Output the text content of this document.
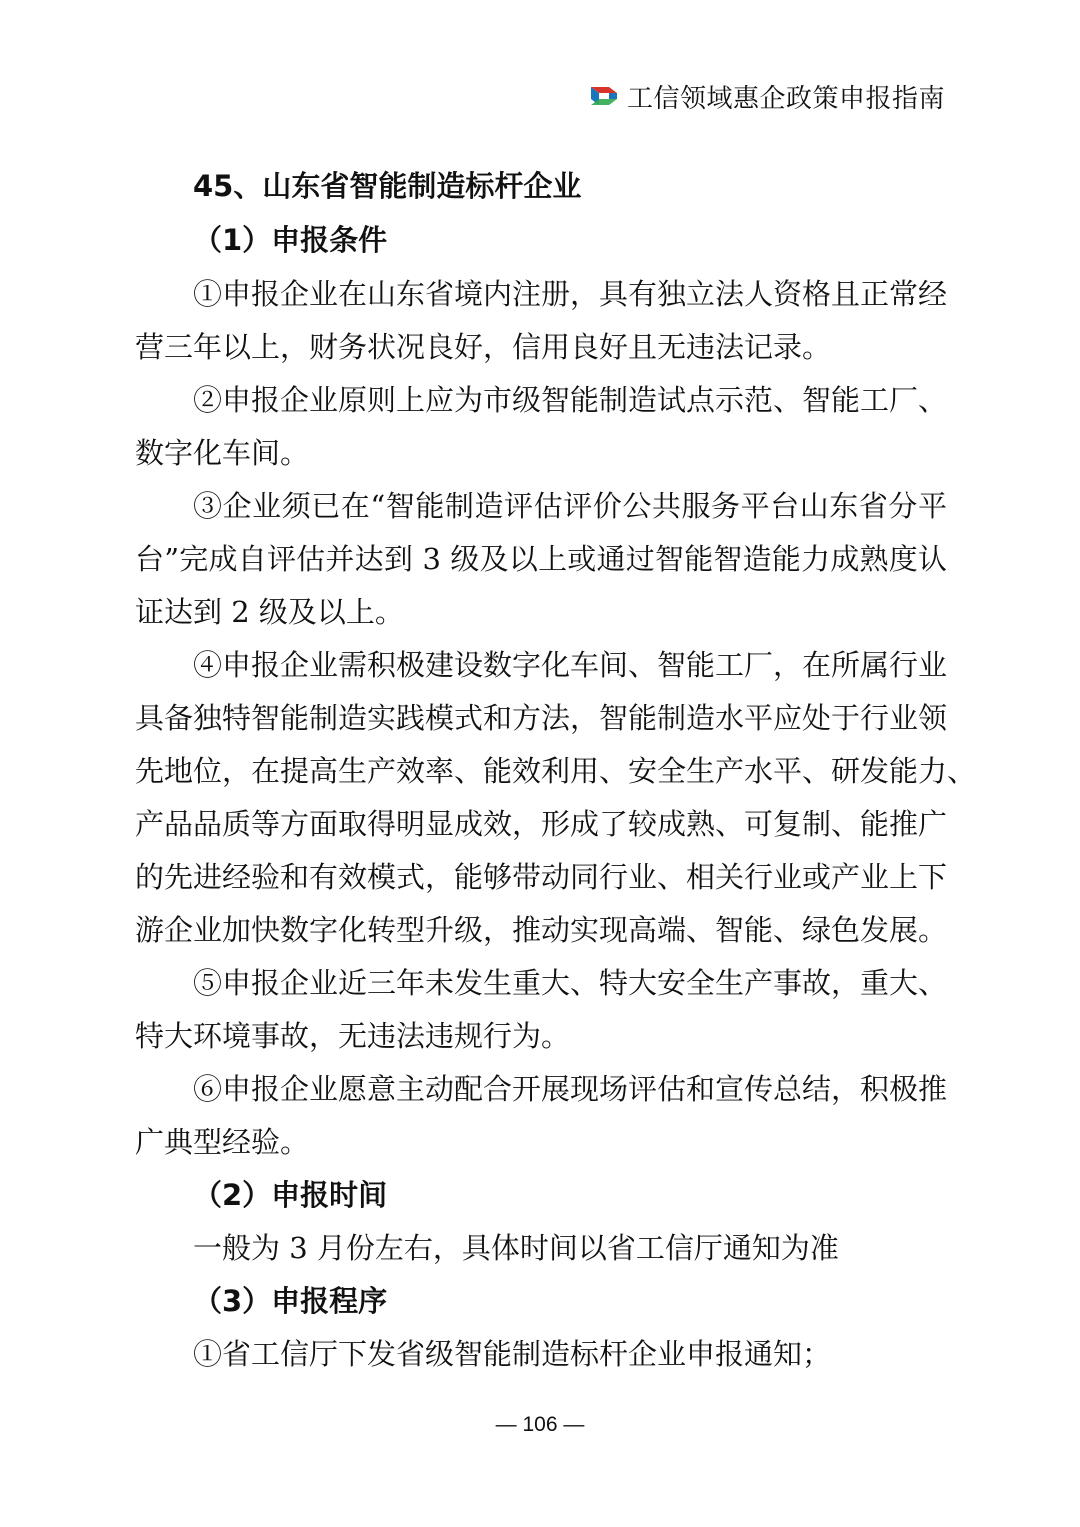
工信领域惠企政策申报指南
45、山东省智能制造标杆企业
（1）申报条件
①申报企业在山东省境内注册，具有独立法人资格且正常经
营三年以上，财务状况良好，信用良好且无违法记录。
②申报企业原则上应为市级智能制造试点示范、智能工厂、
数字化车间。
③企业须已在“智能制造评估评价公共服务平台山东省分平
台”完成自评估并达到 3 级及以上或通过智能智造能力成熟度认
证达到 2 级及以上。
④申报企业需积极建设数字化车间、智能工厂，在所属行业
具备独特智能制造实践模式和方法，智能制造水平应处于行业领
先地位，在提高生产效率、能效利用、安全生产水平、研发能力、
产品品质等方面取得明显成效，形成了较成熟、可复制、能推广
的先进经验和有效模式，能够带动同行业、相关行业或产业上下
游企业加快数字化转型升级，推动实现高端、智能、绿色发展。
⑤申报企业近三年未发生重大、特大安全生产事故，重大、
特大环境事故，无违法违规行为。
⑥申报企业愿意主动配合开展现场评估和宣传总结，积极推
广典型经验。
（2）申报时间
一般为 3 月份左右，具体时间以省工信厅通知为准
（3）申报程序
①省工信厅下发省级智能制造标杆企业申报通知；
— 106 —
